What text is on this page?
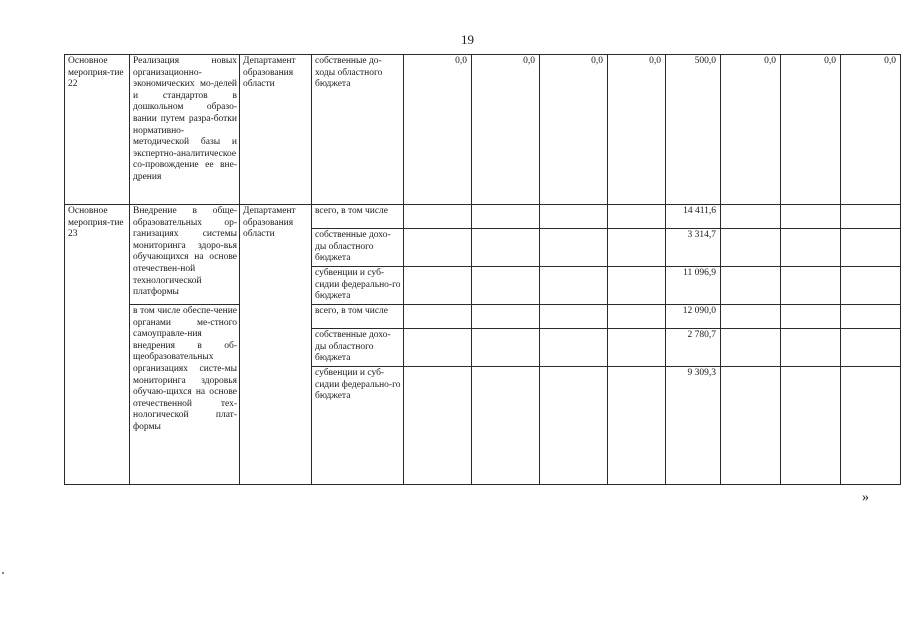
19
Основное мероприя-тие 22	Реализация новых организационно-экономических мо-делей и стандартов в дошкольном образо-вании путем разра-ботки нормативно-методической базы и экспертно-аналитическое со-провождение ее вне-дрения	Департамент образования области	собственные до-ходы областного бюджета	0,0	0,0	0,0	0,0	500,0	0,0	0,0	0,0

Основное мероприя-тие 23	Внедрение в обще-образовательных ор-ганизациях системы мониторинга здоро-вья обучающихся на основе отечествен-ной технологической платформы	Департамент образования области	всего, в том числе					14 411,6			

			собственные дохо-ды областного бюджета					3 314,7			

			субвенции и суб-сидии федерально-го бюджета					11 096,9			

	в том числе обеспе-чение органами ме-стного самоуправле-ния внедрения в об-щеобразовательных организациях систе-мы мониторинга здоровья обучаю-щихся на основе отечественной тех-нологической плат-формы		всего, в том числе					12 090,0			

			собственные дохо-ды областного бюджета					2 780,7			

			субвенции и суб-сидии федерально-го бюджета					9 309,3			
»
